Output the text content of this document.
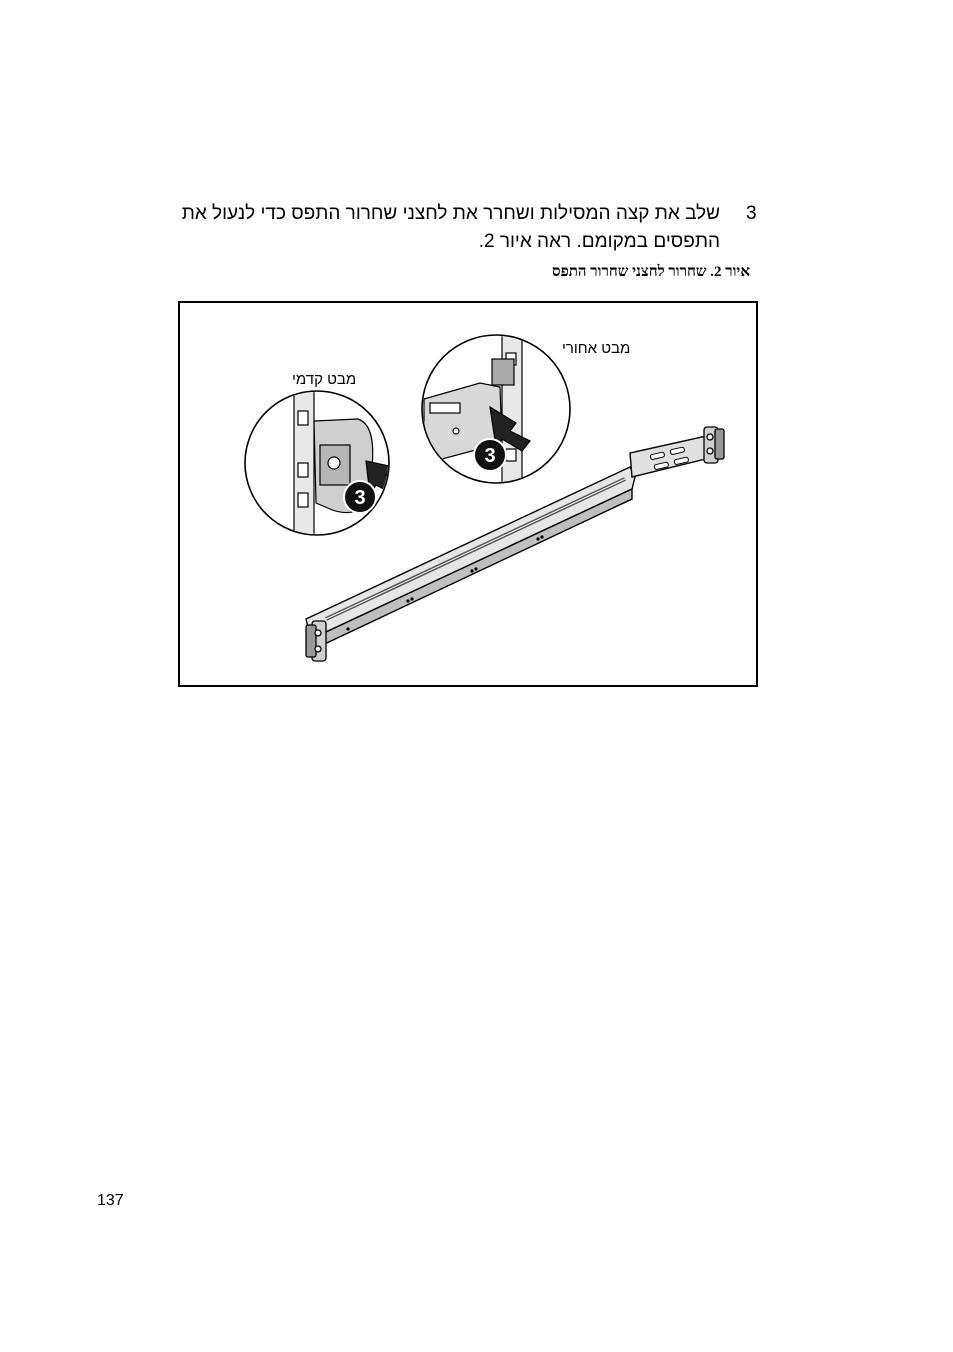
3
שלב את קצה המסילות ושחרר את לחצני שחרור התפס כדי לנעול את התפסים במקומם. ראה איור 2.
איור 2. שחרור לחצני שחרור התפס
3
3
מבט קדמי
מבט אחורי
137
